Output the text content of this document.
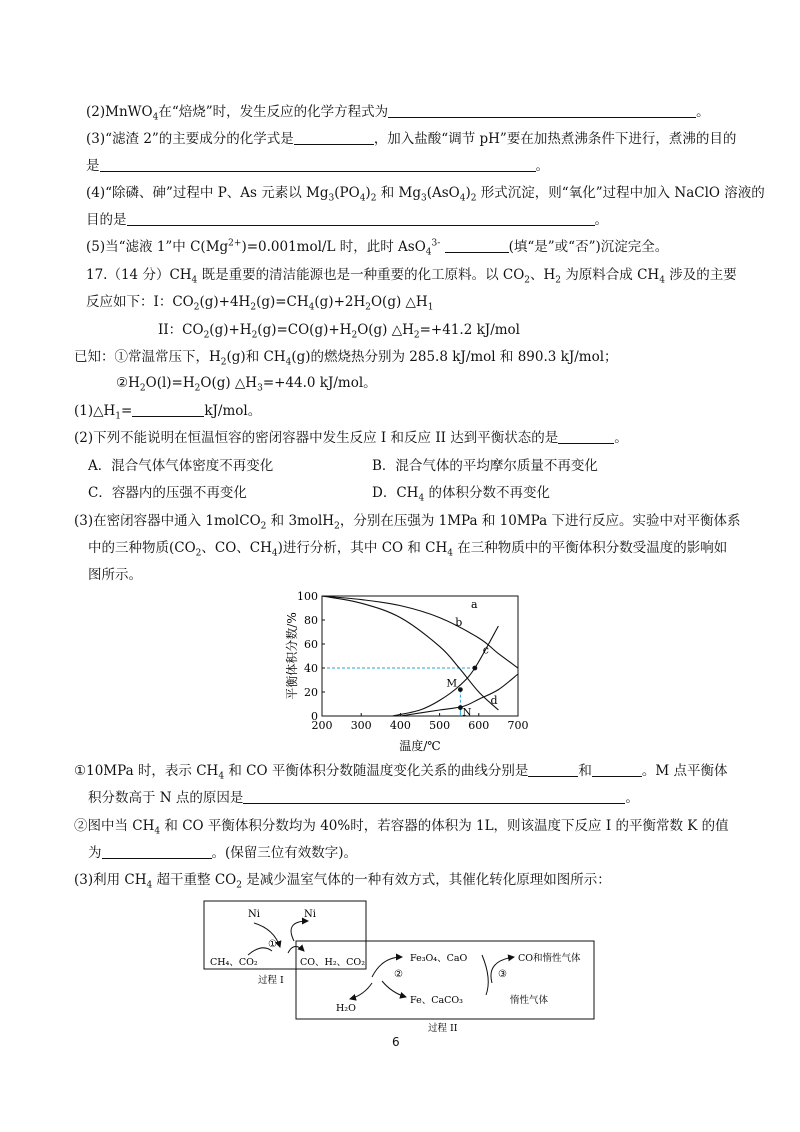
(2)MnWO$_4$在“焙烧”时，发生反应的化学方程式为	。
(3)“滤渣 2”的主要成分的化学式是	，加入盐酸“调节 pH”要在加热煮沸条件下进行，煮沸的目的
是	。
(4)“除磷、砷”过程中 P、As 元素以 $Mg_3(PO_4)_2$ 和 $Mg_3(AsO_4)_2$ 形式沉淀，则“氧化”过程中加入 NaClO 溶液的
目的是	。
(5)当“滤液 1”中 $C(Mg^{2+})=0.001mol/L$ 时，此时 AsO$_4^{3-}$	(填“是”或“否”)沉淀完全。
17.（14 分）$CH_4$ 既是重要的清洁能源也是一种重要的化工原料。以 $CO_2$、$H_2$ 为原料合成 $CH_4$ 涉及的主要
反应如下：I：$CO_2(g)+4H_2(g)=CH_4(g)+2H_2O(g)$ $\triangle H_1$
II：$CO_2(g)+H_2(g)=CO(g)+H_2O(g)$ $\triangle H_2=+41.2$ kJ/mol
已知：①常温常压下，$H_2(g)$和 $CH_4(g)$的燃烧热分别为 285.8 kJ/mol 和 890.3 kJ/mol；
$②H_2O(l)=H_2O(g)$ $\triangle H_3=+44.0$ kJ/mol。
$(1)\triangle H_1=$	kJ/mol。
(2)下列不能说明在恒温恒容的密闭容器中发生反应 I 和反应 II 达到平衡状态的是	。
A．混合气体气体密度不再变化	B．混合气体的平均摩尔质量不再变化
C．容器内的压强不再变化	D．$CH_4$ 的体积分数不再变化
(3)在密闭容器中通入 1molCO$_2$ 和 3molH$_2$，分别在压强为 1MPa 和 10MPa 下进行反应。实验中对平衡体系
中的三种物质($CO_2$、CO、$CH_4$)进行分析，其中 CO 和 $CH_4$ 在三种物质中的平衡体积分数受温度的影响如
图所示。
a
b
c
d
M
N
200 300 400 500 600 700
0
20
40
60
80
100
平衡体积分数/%
温度/℃
①10MPa 时，表示 $CH_4$ 和 CO 平衡体积分数随温度变化关系的曲线分别是	和	。M 点平衡体
积分数高于 N 点的原因是	。
②图中当 $CH_4$ 和 CO 平衡体积分数均为 40%时，若容器的体积为 1L，则该温度下反应 I 的平衡常数 K 的值
为	。(保留三位有效数字)。
(3)利用 $CH_4$ 超干重整 $CO_2$ 是减少温室气体的一种有效方式，其催化转化原理如图所示：
Ni	Ni
①
CH₄、CO₂	CO、H₂、CO₂
过程 I
Fe₃O₄、CaO
②
H₂O
Fe、CaCO₃
③
CO和惰性气体
惰性气体
过程 II
6
